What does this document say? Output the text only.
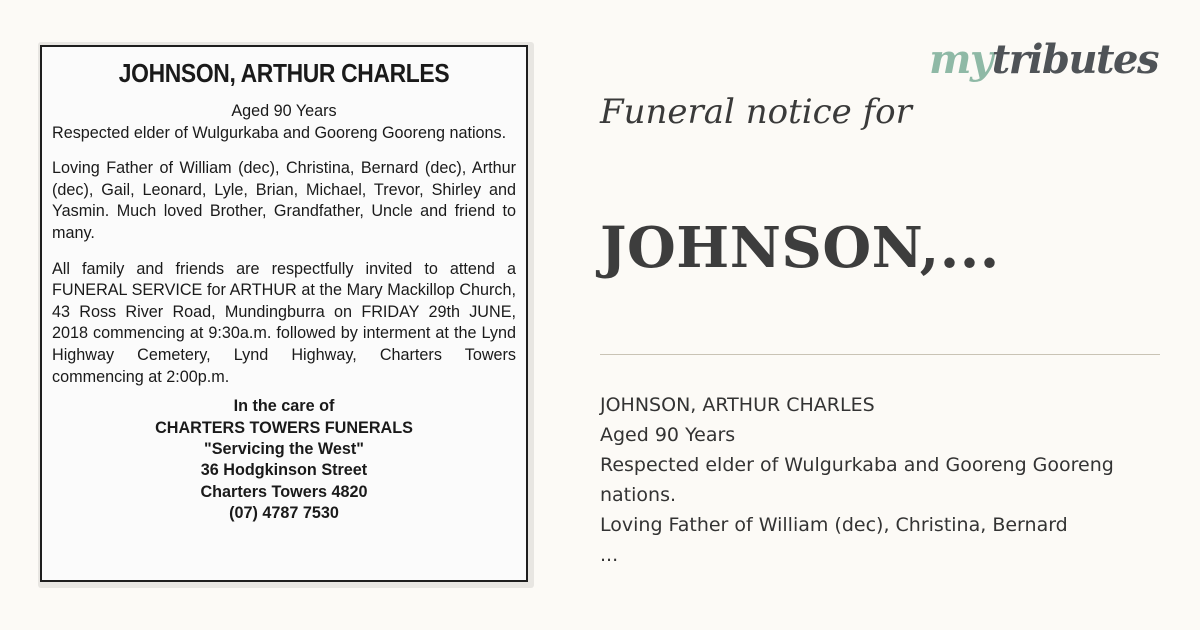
JOHNSON, ARTHUR CHARLES
Aged 90 Years
Respected elder of Wulgurkaba and Gooreng Gooreng nations.
Loving Father of William (dec), Christina, Bernard (dec), Arthur (dec), Gail, Leonard, Lyle, Brian, Michael, Trevor, Shirley and Yasmin. Much loved Brother, Grandfather, Uncle and friend to many.
All family and friends are respectfully invited to attend a FUNERAL SERVICE for ARTHUR at the Mary Mackillop Church, 43 Ross River Road, Mundingburra on FRIDAY 29th JUNE, 2018 commencing at 9:30a.m. followed by interment at the Lynd Highway Cemetery, Lynd Highway, Charters Towers commencing at 2:00p.m.
In the care of
CHARTERS TOWERS FUNERALS
"Servicing the West"
36 Hodgkinson Street
Charters Towers 4820
(07) 4787 7530
mytributes
Funeral notice for
JOHNSON,...
JOHNSON, ARTHUR CHARLES
Aged 90 Years
Respected elder of Wulgurkaba and Gooreng Gooreng
nations.
Loving Father of William (dec), Christina, Bernard
...
